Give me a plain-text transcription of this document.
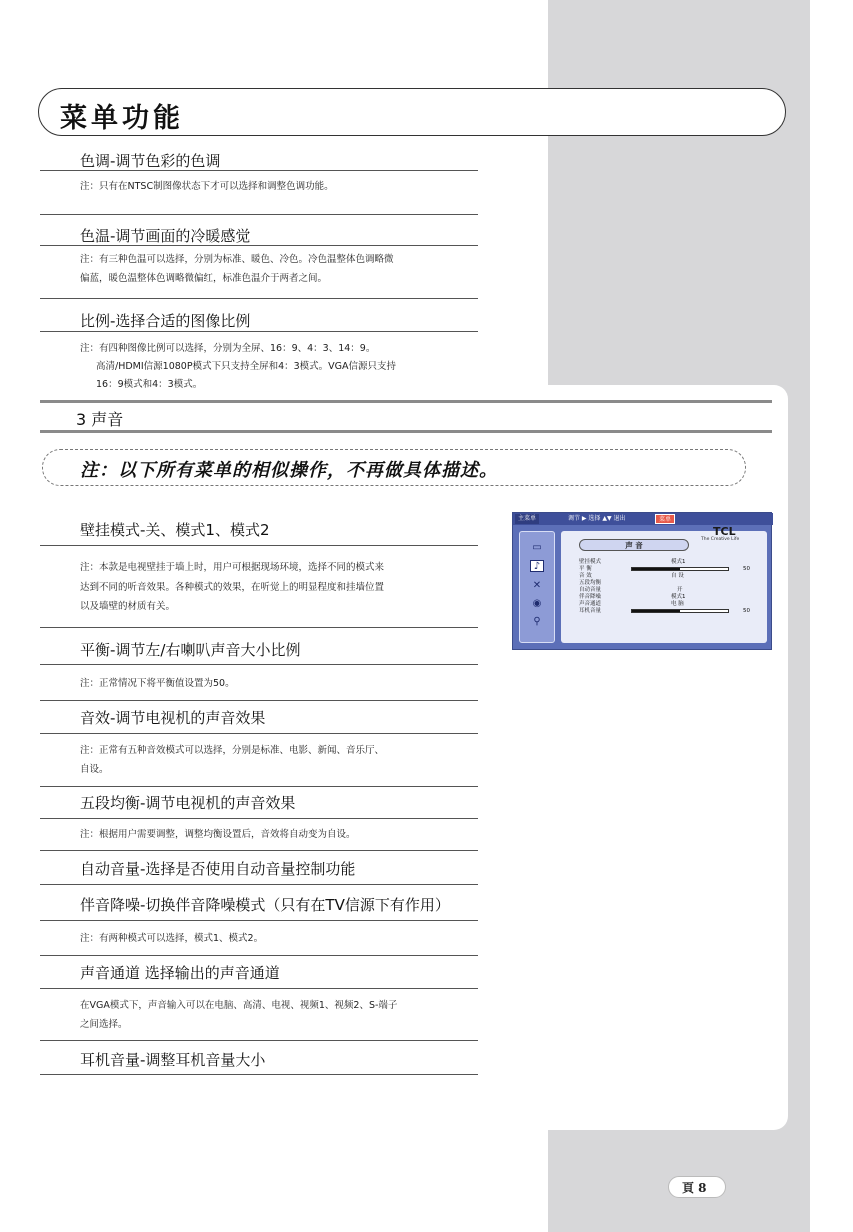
菜单功能
色调-调节色彩的色调
注：只有在NTSC制图像状态下才可以选择和调整色调功能。
色温-调节画面的冷暖感觉
注：有三种色温可以选择，分别为标准、暖色、冷色。冷色温整体色调略微
偏蓝，暖色温整体色调略微偏红，标准色温介于两者之间。
比例-选择合适的图像比例
注：有四种图像比例可以选择，分别为全屏、16：9、4：3、14：9。
高清/HDMI信源1080P模式下只支持全屏和4：3模式。VGA信源只支持
16：9模式和4：3模式。
3 声音
注：以下所有菜单的相似操作，不再做具体描述。
壁挂模式-关、模式1、模式2
注：本款是电视壁挂于墙上时，用户可根据现场环境，选择不同的模式来
达到不同的听音效果。各种模式的效果，在听觉上的明显程度和挂墙位置
以及墙壁的材质有关。
平衡-调节左/右喇叭声音大小比例
注：正常情况下将平衡值设置为50。
音效-调节电视机的声音效果
注：正常有五种音效模式可以选择，分别是标准、电影、新闻、音乐厅、
自设。
五段均衡-调节电视机的声音效果
注：根据用户需要调整，调整均衡设置后，音效将自动变为自设。
自动音量-选择是否使用自动音量控制功能
伴音降噪-切换伴音降噪模式（只有在TV信源下有作用）
注：有两种模式可以选择，模式1、模式2。
声音通道 选择输出的声音通道
在VGA模式下，声音输入可以在电脑、高清、电视、视频1、视频2、S-端子
之间选择。
耳机音量-调整耳机音量大小
主菜单	调节 ▶ 选择 ▲▼ 退出	菜单
▭
♪
✕
◉
⚲
声 音
壁挂模式
平 衡
音 效
五段均衡
自动音量
伴音降噪
声音通道
耳机音量
模式1
50
自 设
开
模式1
电 脑
50
TCL
The Creative Life
頁 8
